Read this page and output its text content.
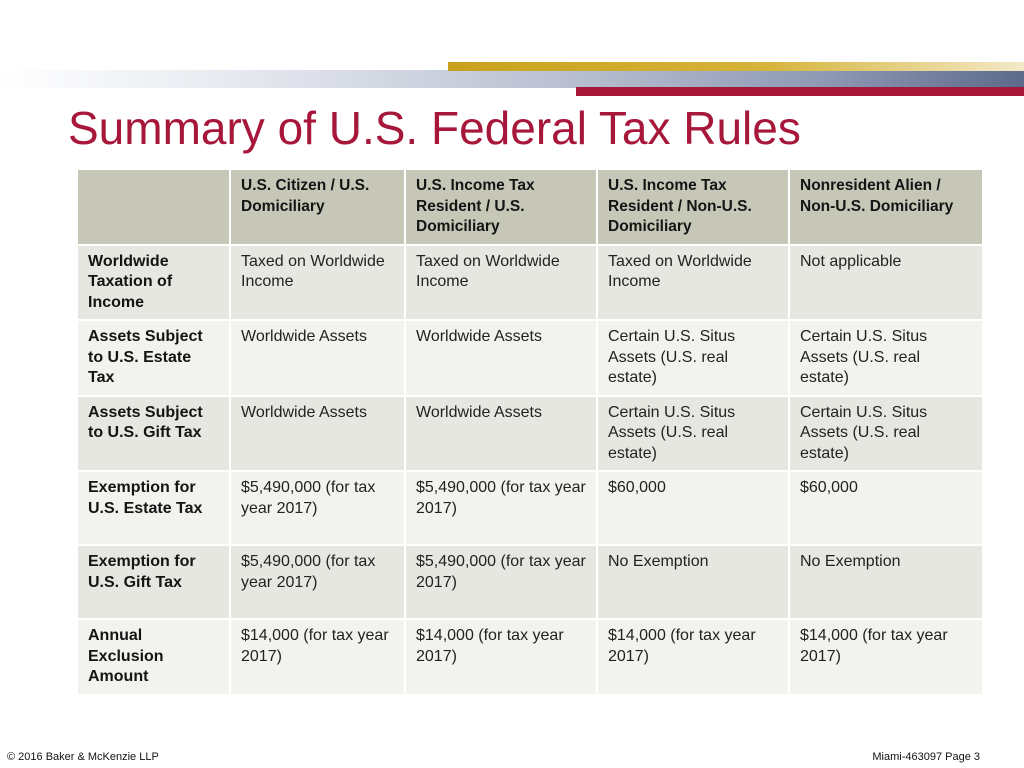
Summary of U.S. Federal Tax Rules
	U.S. Citizen / U.S. Domiciliary	U.S. Income Tax Resident / U.S. Domiciliary	U.S. Income Tax Resident / Non-U.S. Domiciliary	Nonresident Alien / Non-U.S. Domiciliary
Worldwide Taxation of Income	Taxed on Worldwide Income	Taxed on Worldwide Income	Taxed on Worldwide Income	Not applicable
Assets Subject to U.S. Estate Tax	Worldwide Assets	Worldwide Assets	Certain U.S. Situs Assets (U.S. real estate)	Certain U.S. Situs Assets (U.S. real estate)
Assets Subject to U.S. Gift Tax	Worldwide Assets	Worldwide Assets	Certain U.S. Situs Assets (U.S. real estate)	Certain U.S. Situs Assets (U.S. real estate)
Exemption for U.S. Estate Tax	$5,490,000 (for tax year 2017)	$5,490,000 (for tax year 2017)	$60,000	$60,000
Exemption for U.S. Gift Tax	$5,490,000 (for tax year 2017)	$5,490,000 (for tax year 2017)	No Exemption	No Exemption
Annual Exclusion Amount	$14,000 (for tax year 2017)	$14,000 (for tax year 2017)	$14,000 (for tax year 2017)	$14,000 (for tax year 2017)
© 2016 Baker & McKenzie LLP	Miami-463097 Page 3
